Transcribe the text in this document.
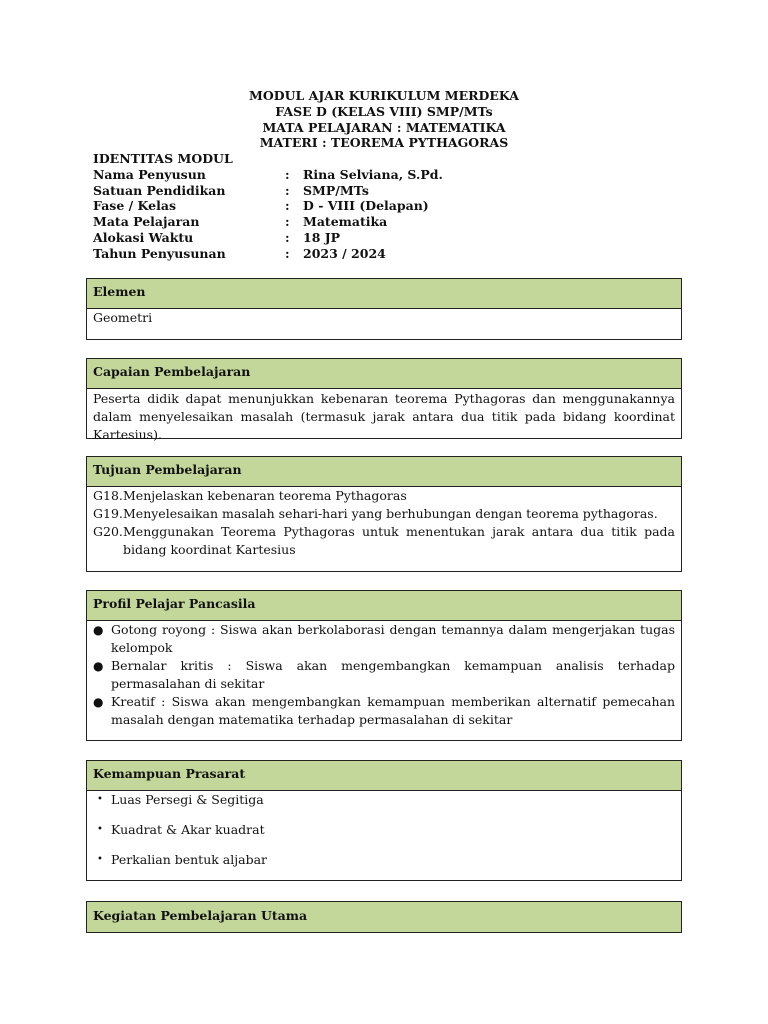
MODUL AJAR KURIKULUM MERDEKA
FASE D (KELAS VIII) SMP/MTs
MATA PELAJARAN : MATEMATIKA
MATERI : TEOREMA PYTHAGORAS
IDENTITAS MODUL
Nama Penyusun	:	Rina Selviana, S.Pd.
Satuan Pendidikan	:	SMP/MTs
Fase / Kelas	:	D - VIII (Delapan)
Mata Pelajaran	:	Matematika
Alokasi Waktu	:	18 JP
Tahun Penyusunan	:	2023 / 2024
Elemen
Geometri
Capaian Pembelajaran
Peserta didik dapat menunjukkan kebenaran teorema Pythagoras dan menggunakannya dalam menyelesaikan masalah (termasuk jarak antara dua titik pada bidang koordinat Kartesius).
Tujuan Pembelajaran
G18. Menjelaskan kebenaran teorema Pythagoras
G19. Menyelesaikan masalah sehari-hari yang berhubungan dengan teorema pythagoras.
G20. Menggunakan Teorema Pythagoras untuk menentukan jarak antara dua titik pada bidang koordinat Kartesius
Profil Pelajar Pancasila
● Gotong royong : Siswa akan berkolaborasi dengan temannya dalam mengerjakan tugas kelompok
● Bernalar kritis : Siswa akan mengembangkan kemampuan analisis terhadap permasalahan di sekitar
● Kreatif : Siswa akan mengembangkan kemampuan memberikan alternatif pemecahan masalah dengan matematika terhadap permasalahan di sekitar
Kemampuan Prasarat
• Luas Persegi & Segitiga
• Kuadrat & Akar kuadrat
• Perkalian bentuk aljabar
Kegiatan Pembelajaran Utama
